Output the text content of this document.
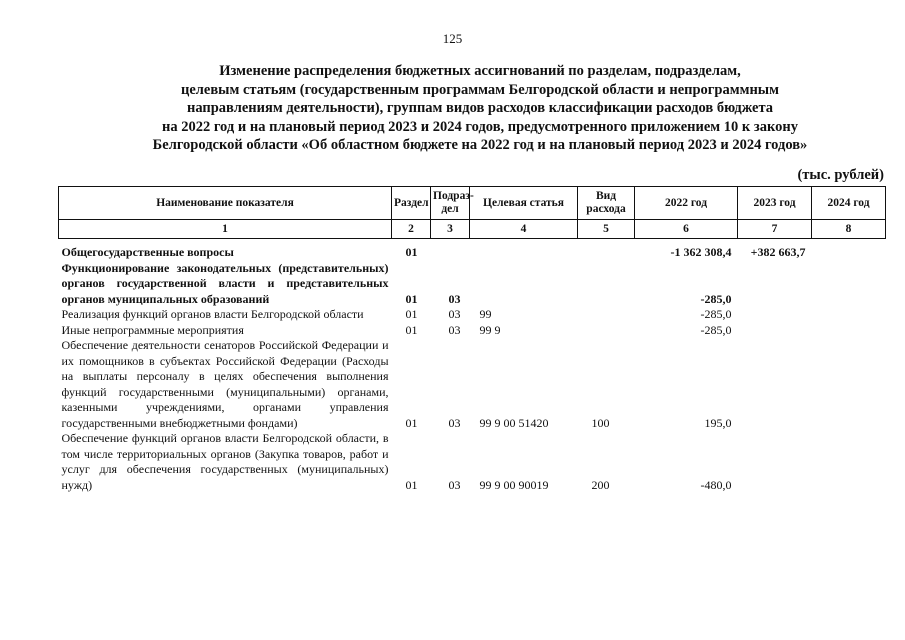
125
Изменение распределения бюджетных ассигнований по разделам, подразделам,
целевым статьям (государственным программам Белгородской области и непрограммным
направлениям деятельности), группам видов расходов классификации расходов бюджета
на 2022 год и на плановый период 2023 и 2024 годов, предусмотренного приложением 10 к закону
Белгородской области «Об областном бюджете на 2022 год и на плановый период 2023 и 2024 годов»
(тыс. рублей)
Наименование показателя	Раздел	Подраз-дел	Целевая статья	Вид расхода	2022 год	2023 год	2024 год
1	2	3	4	5	6	7	8
Общегосударственные вопросы	01				-1 362 308,4	+382 663,7	
Функционирование законодательных (представительных) органов государственной власти и представительных органов муниципальных образований	01	03			-285,0		
Реализация функций органов власти Белгородской области	01	03	99		-285,0		
Иные непрограммные мероприятия	01	03	99 9		-285,0		
Обеспечение деятельности сенаторов Российской Федерации и их помощников в субъектах Российской Федерации (Расходы на выплаты персоналу в целях обеспечения выполнения функций государственными (муниципальными) органами, казенными учреждениями, органами управления государственными внебюджетными фондами)	01	03	99 9 00 51420	100	195,0		
Обеспечение функций органов власти Белгородской области, в том числе территориальных органов (Закупка товаров, работ и услуг для обеспечения государственных (муниципальных) нужд)	01	03	99 9 00 90019	200	-480,0		
